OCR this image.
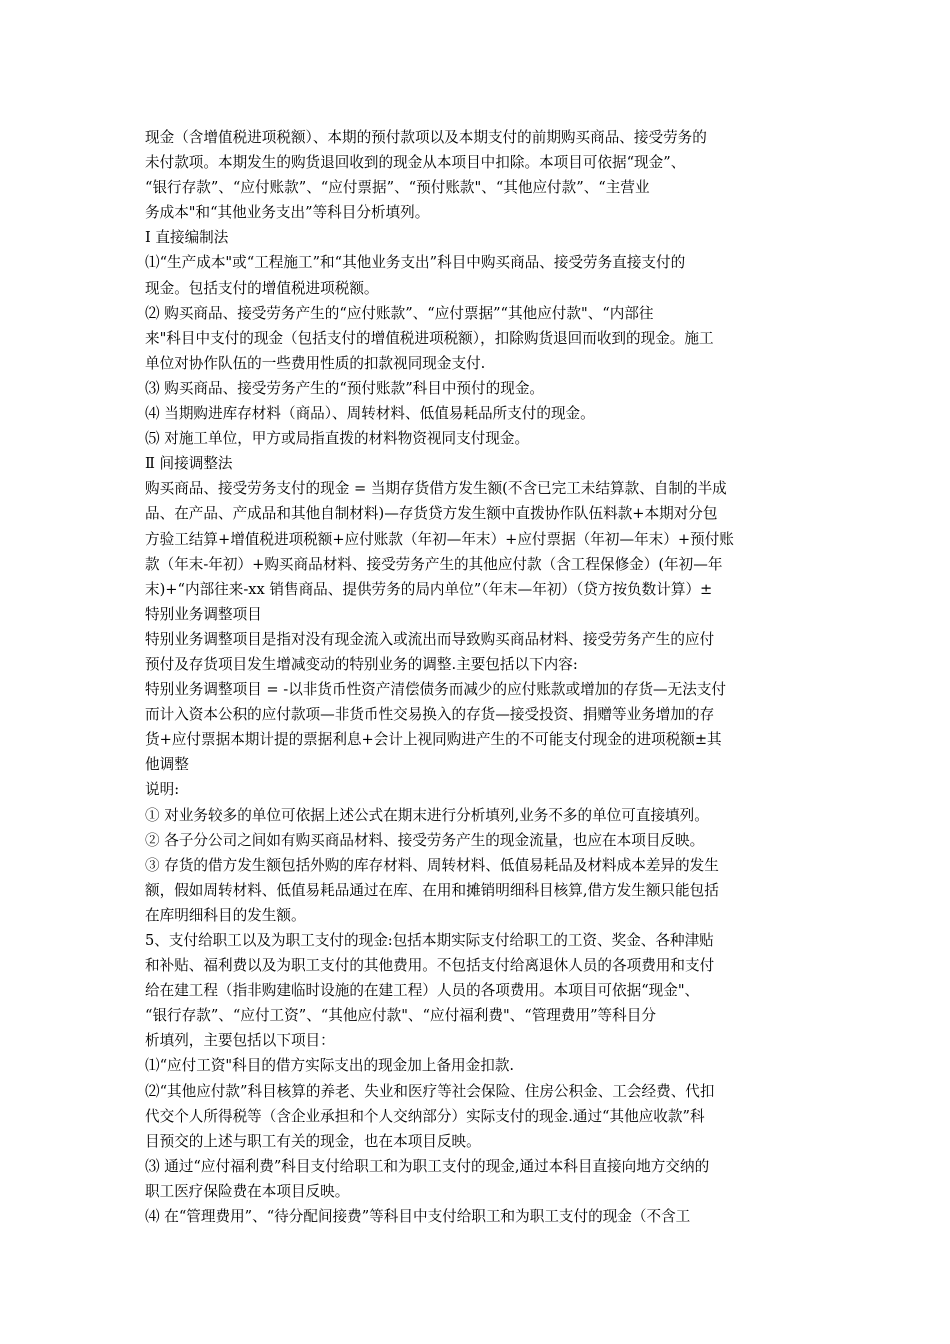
现金（含增值税进项税额）、本期的预付款项以及本期支付的前期购买商品、接受劳务的
未付款项。本期发生的购货退回收到的现金从本项目中扣除。本项目可依据“现金”、
“银行存款”、“应付账款”、“应付票据”、“预付账款"、“其他应付款”、“主营业
务成本"和“其他业务支出”等科目分析填列。
Ⅰ 直接编制法
⑴“生产成本"或“工程施工”和“其他业务支出”科目中购买商品、接受劳务直接支付的
现金。包括支付的增值税进项税额。
⑵ 购买商品、接受劳务产生的“应付账款”、“应付票据”“其他应付款"、“内部往
来"科目中支付的现金（包括支付的增值税进项税额），扣除购货退回而收到的现金。施工
单位对协作队伍的一些费用性质的扣款视同现金支付.
⑶ 购买商品、接受劳务产生的“预付账款”科目中预付的现金。
⑷ 当期购进库存材料（商品）、周转材料、低值易耗品所支付的现金。
⑸ 对施工单位，甲方或局指直拨的材料物资视同支付现金。
Ⅱ 间接调整法
购买商品、接受劳务支付的现金 = 当期存货借方发生额(不含已完工未结算款、自制的半成
品、在产品、产成品和其他自制材料)—存货贷方发生额中直拨协作队伍料款+本期对分包
方验工结算+增值税进项税额+应付账款（年初—年末）+应付票据（年初—年末）+预付账
款（年末-年初）+购买商品材料、接受劳务产生的其他应付款（含工程保修金）(年初—年
末)+“内部往来-xx 销售商品、提供劳务的局内单位”（年末—年初）（贷方按负数计算）±
特别业务调整项目
特别业务调整项目是指对没有现金流入或流出而导致购买商品材料、接受劳务产生的应付
预付及存货项目发生增减变动的特别业务的调整.主要包括以下内容:
特别业务调整项目 = -以非货币性资产清偿债务而减少的应付账款或增加的存货—无法支付
而计入资本公积的应付款项—非货币性交易换入的存货—接受投资、捐赠等业务增加的存
货+应付票据本期计提的票据利息+会计上视同购进产生的不可能支付现金的进项税额±其
他调整
说明:
① 对业务较多的单位可依据上述公式在期末进行分析填列,业务不多的单位可直接填列。
② 各子分公司之间如有购买商品材料、接受劳务产生的现金流量，也应在本项目反映。
③ 存货的借方发生额包括外购的库存材料、周转材料、低值易耗品及材料成本差异的发生
额，假如周转材料、低值易耗品通过在库、在用和摊销明细科目核算,借方发生额只能包括
在库明细科目的发生额。
5、支付给职工以及为职工支付的现金:包括本期实际支付给职工的工资、奖金、各种津贴
和补贴、福利费以及为职工支付的其他费用。不包括支付给离退休人员的各项费用和支付
给在建工程（指非购建临时设施的在建工程）人员的各项费用。本项目可依据“现金"、
“银行存款”、“应付工资”、“其他应付款"、“应付福利费"、“管理费用”等科目分
析填列，主要包括以下项目：
⑴“应付工资"科目的借方实际支出的现金加上备用金扣款.
⑵“其他应付款”科目核算的养老、失业和医疗等社会保险、住房公积金、工会经费、代扣
代交个人所得税等（含企业承担和个人交纳部分）实际支付的现金.通过“其他应收款”科
目预交的上述与职工有关的现金，也在本项目反映。
⑶ 通过“应付福利费”科目支付给职工和为职工支付的现金,通过本科目直接向地方交纳的
职工医疗保险费在本项目反映。
⑷ 在“管理费用”、“待分配间接费”等科目中支付给职工和为职工支付的现金（不含工
